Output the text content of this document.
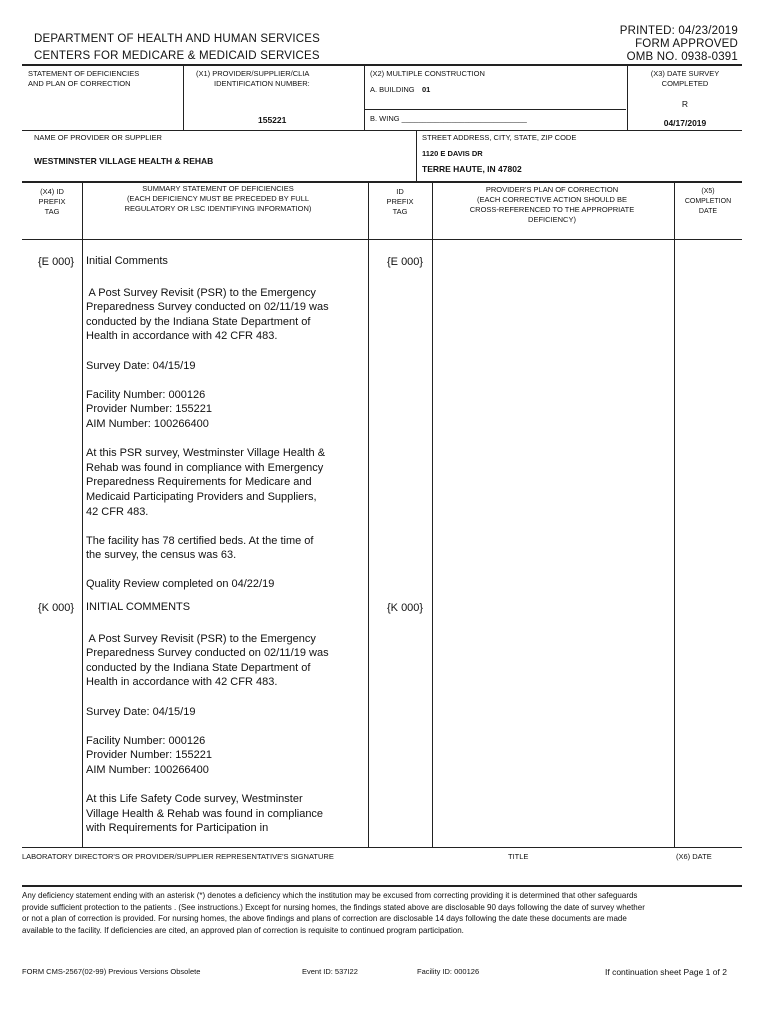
DEPARTMENT OF HEALTH AND HUMAN SERVICES
CENTERS FOR MEDICARE & MEDICAID SERVICES
PRINTED: 04/23/2019
FORM APPROVED
OMB NO. 0938-0391
STATEMENT OF DEFICIENCIES
AND PLAN OF CORRECTION
(X1) PROVIDER/SUPPLIER/CLIA
IDENTIFICATION NUMBER:
155221
(X2) MULTIPLE CONSTRUCTION
A. BUILDING 01
B. WING ______________________________
(X3) DATE SURVEY
COMPLETED
R
04/17/2019
NAME OF PROVIDER OR SUPPLIER
WESTMINSTER VILLAGE HEALTH & REHAB
STREET ADDRESS, CITY, STATE, ZIP CODE
1120 E DAVIS DR
TERRE HAUTE, IN 47802
(X4) ID
PREFIX
TAG
SUMMARY STATEMENT OF DEFICIENCIES
(EACH DEFICIENCY MUST BE PRECEDED BY FULL
REGULATORY OR LSC IDENTIFYING INFORMATION)
ID
PREFIX
TAG
PROVIDER'S PLAN OF CORRECTION
(EACH CORRECTIVE ACTION SHOULD BE
CROSS-REFERENCED TO THE APPROPRIATE
DEFICIENCY)
(X5)
COMPLETION
DATE
{E 000}	{E 000}
Initial Comments
A Post Survey Revisit (PSR) to the Emergency
Preparedness Survey conducted on 02/11/19 was
conducted by the Indiana State Department of
Health in accordance with 42 CFR 483.
Survey Date: 04/15/19
Facility Number: 000126
Provider Number: 155221
AIM Number: 100266400
At this PSR survey, Westminster Village Health &
Rehab was found in compliance with Emergency
Preparedness Requirements for Medicare and
Medicaid Participating Providers and Suppliers,
42 CFR 483.
The facility has 78 certified beds. At the time of
the survey, the census was 63.
Quality Review completed on 04/22/19
{K 000}	{K 000}
INITIAL COMMENTS
A Post Survey Revisit (PSR) to the Emergency
Preparedness Survey conducted on 02/11/19 was
conducted by the Indiana State Department of
Health in accordance with 42 CFR 483.
Survey Date: 04/15/19
Facility Number: 000126
Provider Number: 155221
AIM Number: 100266400
At this Life Safety Code survey, Westminster
Village Health & Rehab was found in compliance
with Requirements for Participation in
LABORATORY DIRECTOR'S OR PROVIDER/SUPPLIER REPRESENTATIVE'S SIGNATURE	TITLE	(X6) DATE
Any deficiency statement ending with an asterisk (*) denotes a deficiency which the institution may be excused from correcting providing it is determined that other safeguards provide sufficient protection to the patients . (See instructions.) Except for nursing homes, the findings stated above are disclosable 90 days following the date of survey whether or not a plan of correction is provided. For nursing homes, the above findings and plans of correction are disclosable 14 days following the date these documents are made available to the facility. If deficiencies are cited, an approved plan of correction is requisite to continued program participation.
FORM CMS-2567(02-99) Previous Versions Obsolete	Event ID: 537I22	Facility ID: 000126	If continuation sheet Page 1 of 2
